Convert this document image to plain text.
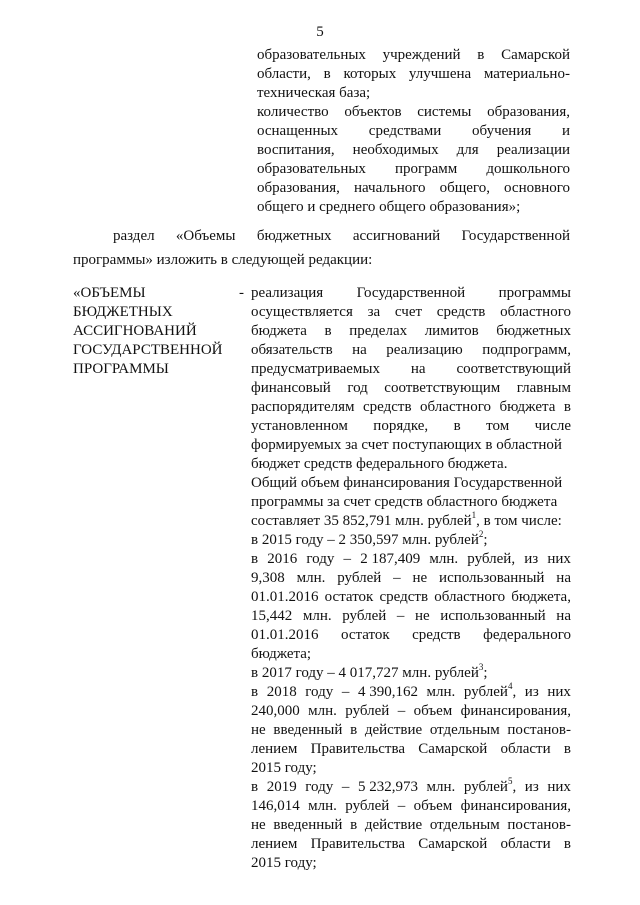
5
образовательных учреждений в Самарской
области, в которых улучшена материально-
техническая база;
количество объектов системы образования,
оснащенных средствами обучения и
воспитания, необходимых для реализации
образовательных программ дошкольного
образования, начального общего, основного
общего и среднего общего образования»;
раздел «Объемы бюджетных ассигнований Государственной
программы» изложить в следующей редакции:
«ОБЪЕМЫ
БЮДЖЕТНЫХ
АССИГНОВАНИЙ
ГОСУДАРСТВЕННОЙ
ПРОГРАММЫ
- реализация Государственной программы
осуществляется за счет средств областного
бюджета в пределах лимитов бюджетных
обязательств на реализацию подпрограмм,
предусматриваемых на соответствующий
финансовый год соответствующим главным
распорядителям средств областного бюджета в
установленном порядке, в том числе
формируемых за счет поступающих в областной
бюджет средств федерального бюджета.
Общий объем финансирования Государственной
программы за счет средств областного бюджета
составляет 35 852,791 млн. рублей$^1$, в том числе:
в 2015 году – 2 350,597 млн. рублей$^2$;
в 2016 году – 2 187,409 млн. рублей, из них
9,308 млн. рублей – не использованный на
01.01.2016 остаток средств областного бюджета,
15,442 млн. рублей – не использованный на
01.01.2016 остаток средств федерального
бюджета;
в 2017 году – 4 017,727 млн. рублей$^3$;
в 2018 году – 4 390,162 млн. рублей$^4$, из них
240,000 млн. рублей – объем финансирования,
не введенный в действие отдельным постанов-
лением Правительства Самарской области в
2015 году;
в 2019 году – 5 232,973 млн. рублей$^5$, из них
146,014 млн. рублей – объем финансирования,
не введенный в действие отдельным постанов-
лением Правительства Самарской области в
2015 году;
